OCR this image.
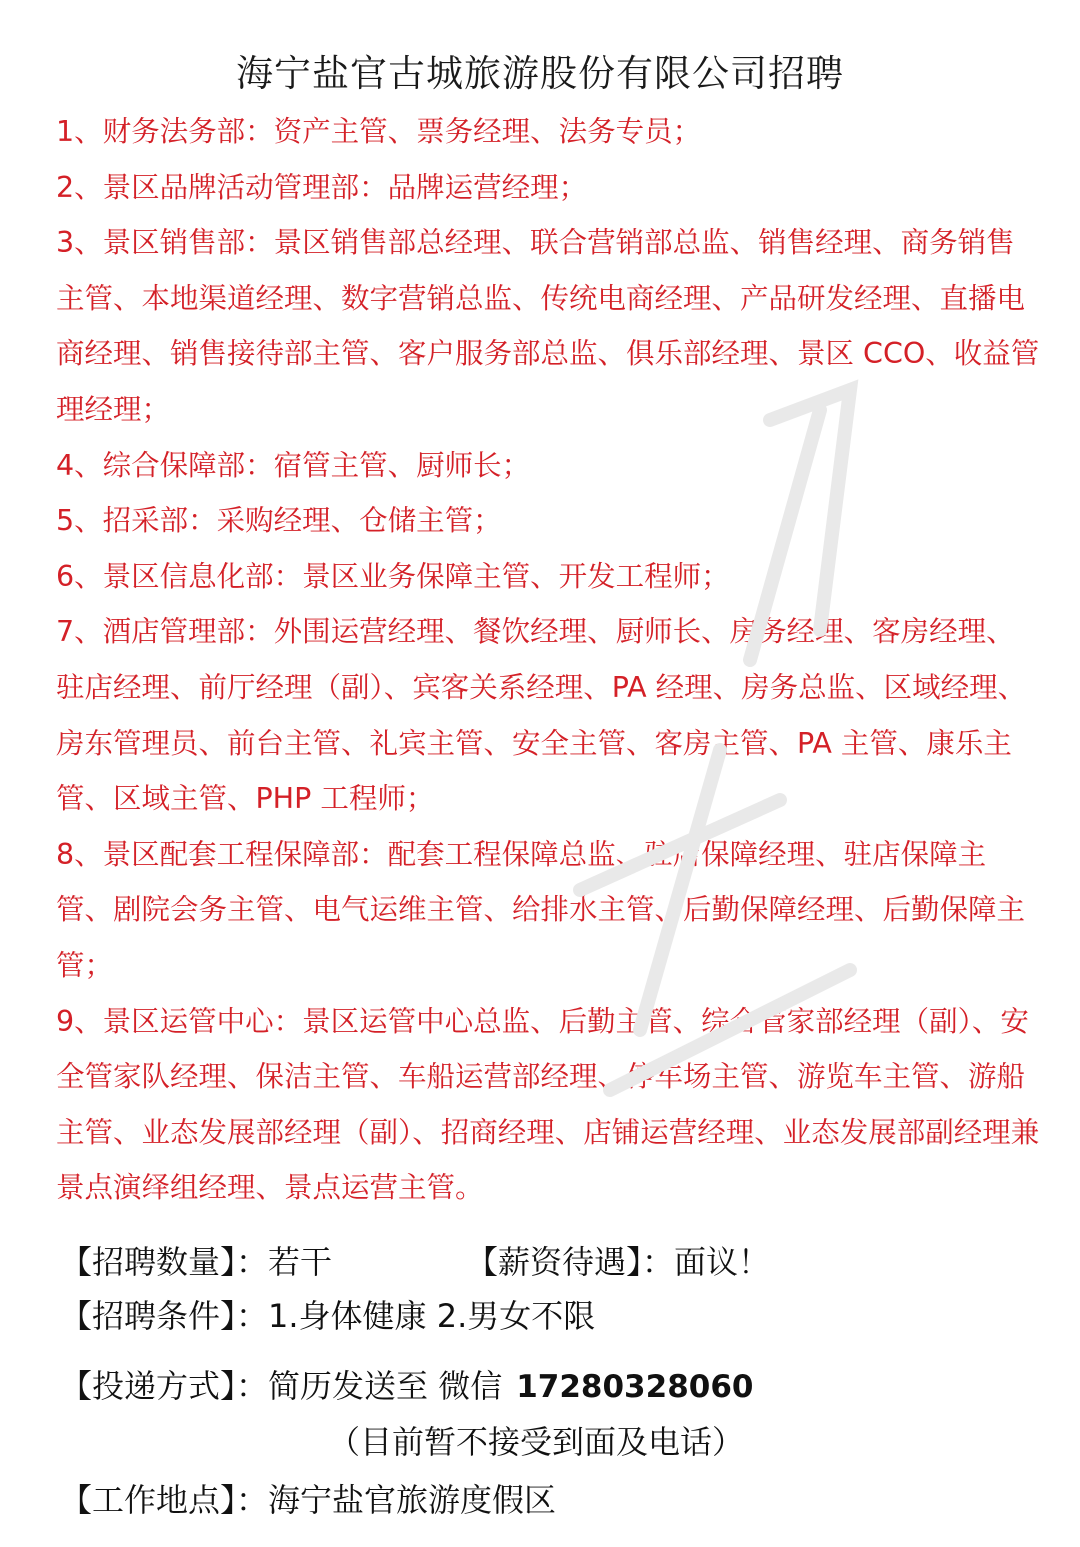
海宁盐官古城旅游股份有限公司招聘

1、财务法务部：资产主管、票务经理、法务专员；

2、景区品牌活动管理部：品牌运营经理；

3、景区销售部：景区销售部总经理、联合营销部总监、销售经理、商务销售主管、本地渠道经理、数字营销总监、传统电商经理、产品研发经理、直播电商经理、销售接待部主管、客户服务部总监、俱乐部经理、景区 CCO、收益管理经理；

4、综合保障部：宿管主管、厨师长；

5、招采部：采购经理、仓储主管；

6、景区信息化部：景区业务保障主管、开发工程师；

7、酒店管理部：外围运营经理、餐饮经理、厨师长、房务经理、客房经理、驻店经理、前厅经理（副）、宾客关系经理、PA 经理、房务总监、区域经理、房东管理员、前台主管、礼宾主管、安全主管、客房主管、PA 主管、康乐主管、区域主管、PHP 工程师；

8、景区配套工程保障部：配套工程保障总监、驻店保障经理、驻店保障主管、剧院会务主管、电气运维主管、给排水主管、后勤保障经理、后勤保障主管；

9、景区运管中心：景区运管中心总监、后勤主管、综合管家部经理（副）、安全管家队经理、保洁主管、车船运营部经理、停车场主管、游览车主管、游船主管、业态发展部经理（副）、招商经理、店铺运营经理、业态发展部副经理兼景点演绎组经理、景点运营主管。

【招聘数量】：若干	【薪资待遇】：面议！
【招聘条件】：1.身体健康 2.男女不限
【投递方式】：简历发送至 微信 17280328060
（目前暂不接受到面及电话）
【工作地点】：海宁盐官旅游度假区
